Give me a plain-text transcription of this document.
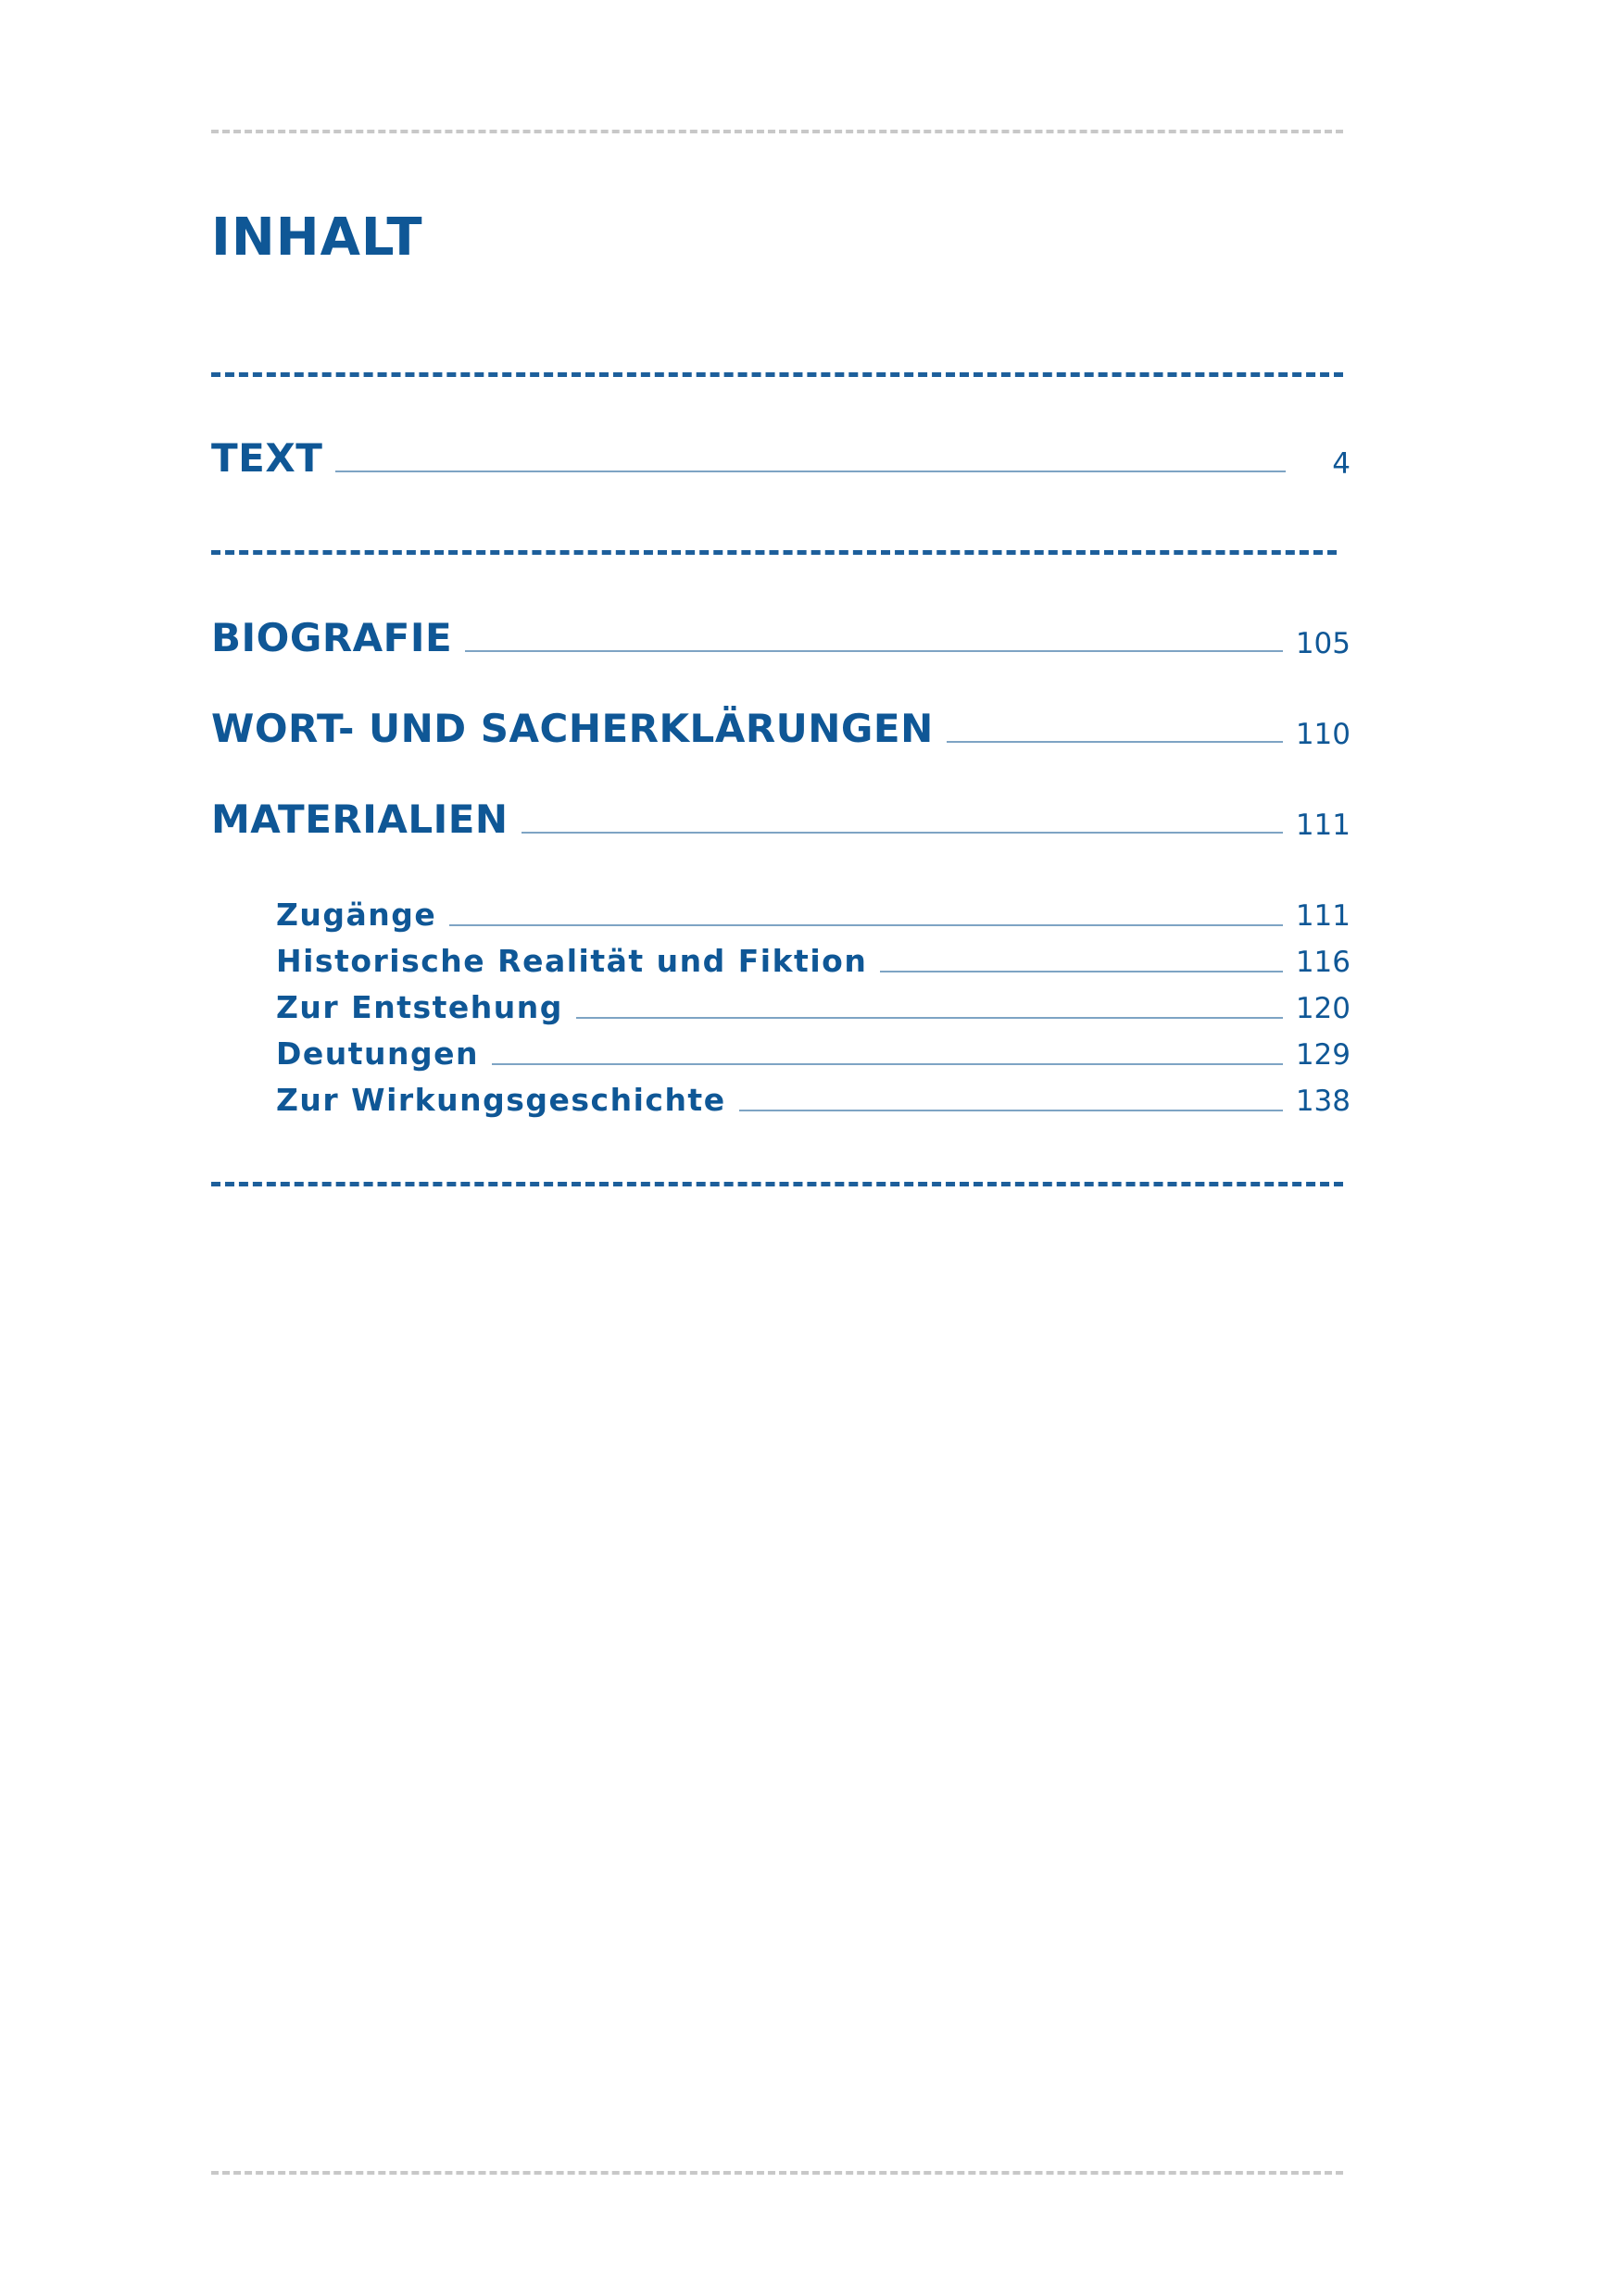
INHALT
TEXT	4
BIOGRAFIE	105
WORT- UND SACHERKLÄRUNGEN	110
MATERIALIEN	111
Zugänge	111
Historische Realität und Fiktion	116
Zur Entstehung	120
Deutungen	129
Zur Wirkungsgeschichte	138
